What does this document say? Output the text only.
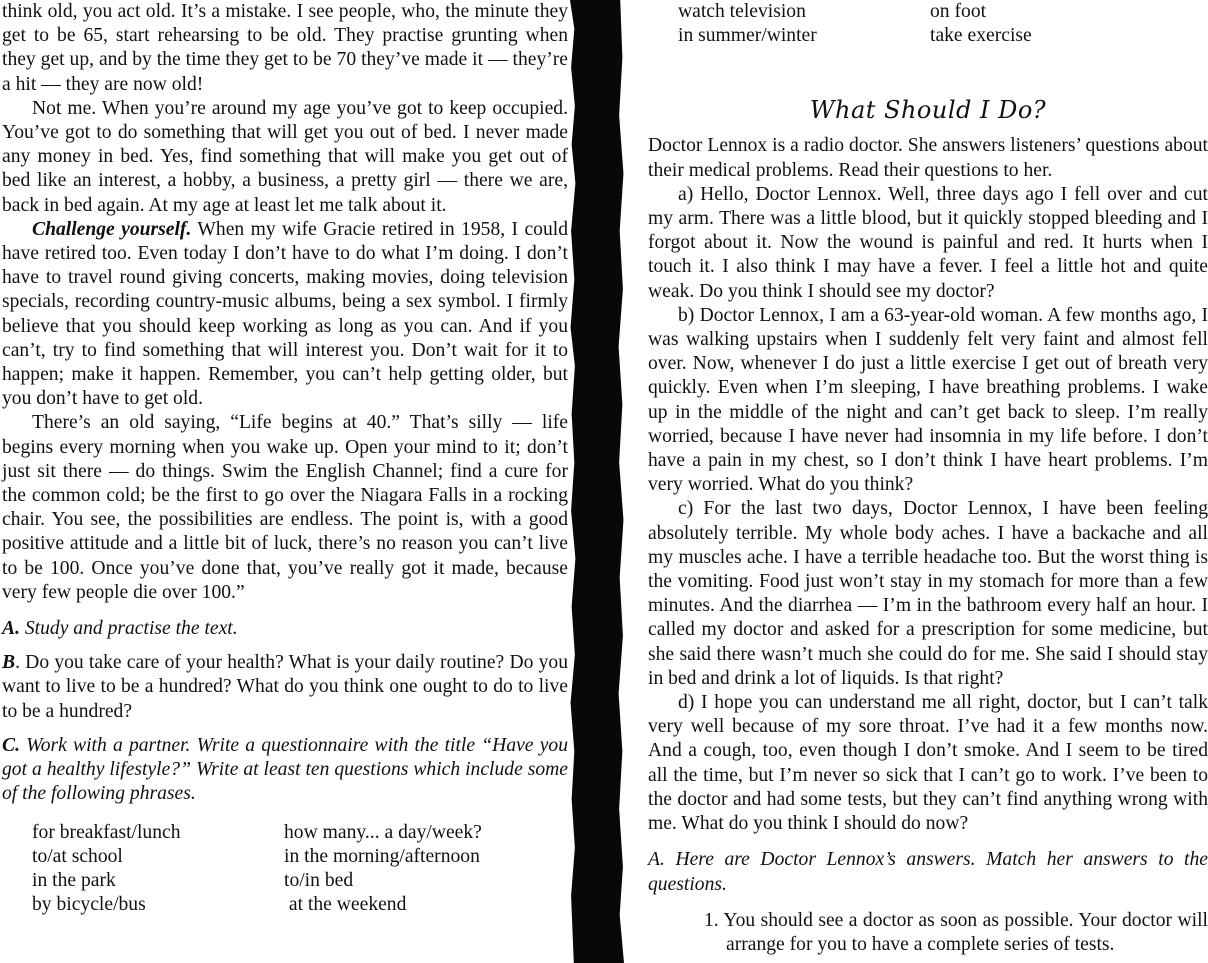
think old, you act old. It’s a mistake. I see people, who, the minute they get to be 65, start rehearsing to be old. They practise grunting when they get up, and by the time they get to be 70 they’ve made it — they’re a hit — they are now old!

Not me. When you’re around my age you’ve got to keep occupied. You’ve got to do something that will get you out of bed. I never made any money in bed. Yes, find something that will make you get out of bed like an interest, a hobby, a business, a pretty girl — there we are, back in bed again. At my age at least let me talk about it.

Challenge yourself. When my wife Gracie retired in 1958, I could have retired too. Even today I don’t have to do what I’m doing. I don’t have to travel round giving concerts, making movies, doing television specials, recording country-music albums, being a sex symbol. I firmly believe that you should keep working as long as you can. And if you can’t, try to find something that will interest you. Don’t wait for it to happen; make it happen. Remember, you can’t help getting older, but you don’t have to get old.

There’s an old saying, “Life begins at 40.” That’s silly — life begins every morning when you wake up. Open your mind to it; don’t just sit there — do things. Swim the English Channel; find a cure for the common cold; be the first to go over the Niagara Falls in a rocking chair. You see, the possibilities are endless. The point is, with a good positive attitude and a little bit of luck, there’s no reason you can’t live to be 100. Once you’ve done that, you’ve really got it made, because very few people die over 100.”

A. Study and practise the text.

B. Do you take care of your health? What is your daily routine? Do you want to live to be a hundred? What do you think one ought to do to live to be a hundred?

C. Work with a partner. Write a questionnaire with the title “Have you got a healthy lifestyle?” Write at least ten questions which include some of the following phrases.

for breakfast/lunch	how many... a day/week?
to/at school	in the morning/afternoon
in the park	to/in bed
by bicycle/bus	at the weekend
watch television	on foot
in summer/winter	take exercise
What Should I Do?

Doctor Lennox is a radio doctor. She answers listeners’ questions about their medical problems. Read their questions to her.

a) Hello, Doctor Lennox. Well, three days ago I fell over and cut my arm. There was a little blood, but it quickly stopped bleeding and I forgot about it. Now the wound is painful and red. It hurts when I touch it. I also think I may have a fever. I feel a little hot and quite weak. Do you think I should see my doctor?

b) Doctor Lennox, I am a 63-year-old woman. A few months ago, I was walking upstairs when I suddenly felt very faint and almost fell over. Now, whenever I do just a little exercise I get out of breath very quickly. Even when I’m sleeping, I have breathing problems. I wake up in the middle of the night and can’t get back to sleep. I’m really worried, because I have never had insomnia in my life before. I don’t have a pain in my chest, so I don’t think I have heart problems. I’m very worried. What do you think?

c) For the last two days, Doctor Lennox, I have been feeling absolutely terrible. My whole body aches. I have a backache and all my muscles ache. I have a terrible headache too. But the worst thing is the vomiting. Food just won’t stay in my stomach for more than a few minutes. And the diarrhea — I’m in the bathroom every half an hour. I called my doctor and asked for a prescription for some medicine, but she said there wasn’t much she could do for me. She said I should stay in bed and drink a lot of liquids. Is that right?

d) I hope you can understand me all right, doctor, but I can’t talk very well because of my sore throat. I’ve had it a few months now. And a cough, too, even though I don’t smoke. And I seem to be tired all the time, but I’m never so sick that I can’t go to work. I’ve been to the doctor and had some tests, but they can’t find anything wrong with me. What do you think I should do now?

A. Here are Doctor Lennox’s answers. Match her answers to the questions.

1. You should see a doctor as soon as possible. Your doctor will arrange for you to have a complete series of tests.
